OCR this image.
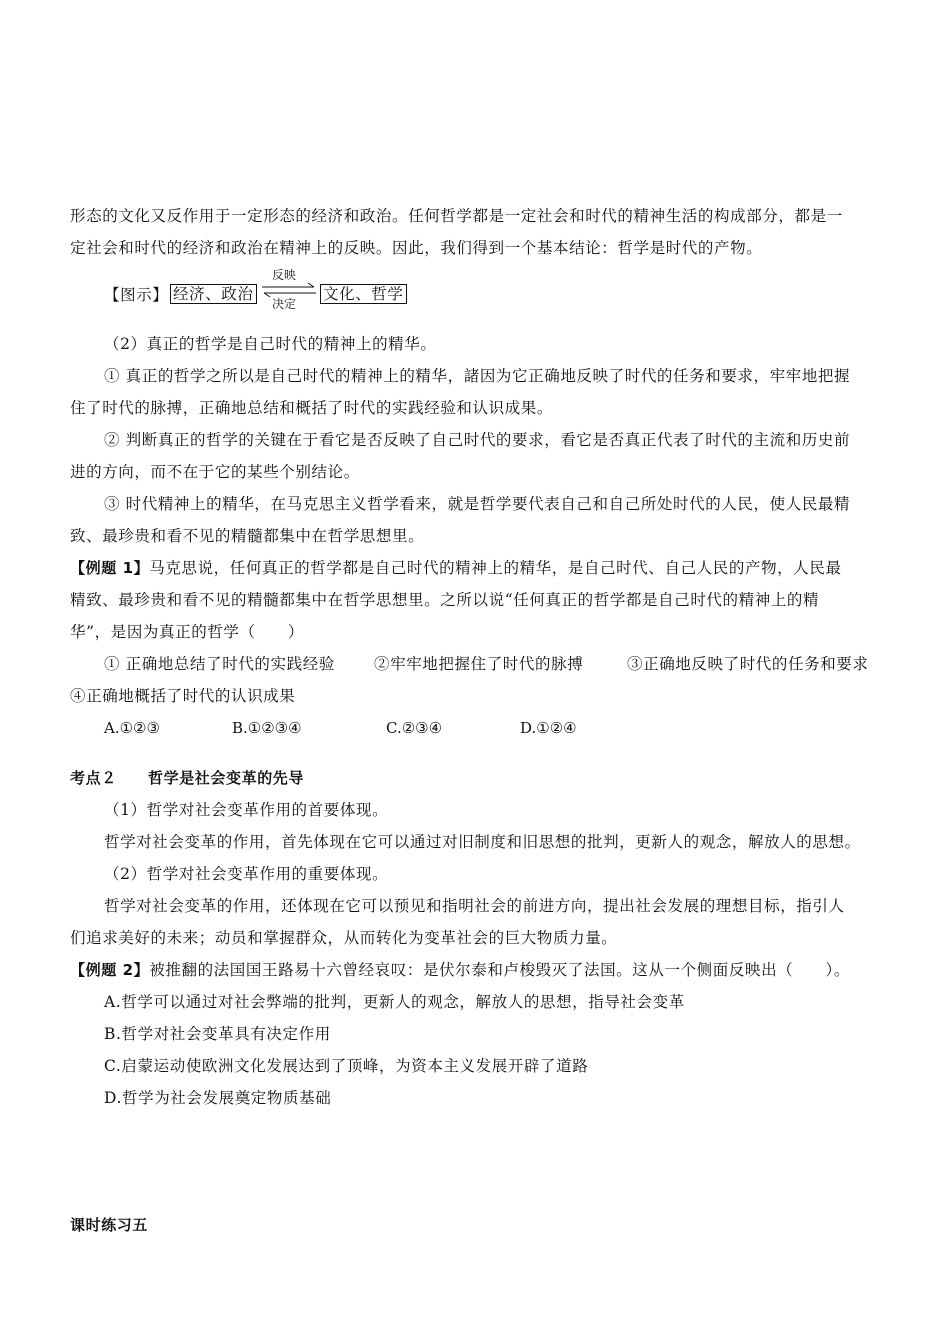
形态的文化又反作用于一定形态的经济和政治。任何哲学都是一定社会和时代的精神生活的构成部分，都是一
定社会和时代的经济和政治在精神上的反映。因此，我们得到一个基本结论：哲学是时代的产物。
【图示】 经济、政治
反映
决定
文化、哲学
（2）真正的哲学是自己时代的精神上的精华。
① 真正的哲学之所以是自己时代的精神上的精华，諸因为它正确地反映了时代的任务和要求，牢牢地把握
住了时代的脉搏，正确地总结和概括了时代的实践经验和认识成果。
② 判断真正的哲学的关键在于看它是否反映了自己时代的要求，看它是否真正代表了时代的主流和历史前
进的方向，而不在于它的某些个别结论。
③ 时代精神上的精华，在马克思主义哲学看来，就是哲学要代表自己和自己所处时代的人民，使人民最精
致、最珍贵和看不见的精髓都集中在哲学思想里。
【例题 1】马克思说，任何真正的哲学都是自己时代的精神上的精华，是自己时代、自己人民的产物，人民最
精致、最珍贵和看不见的精髓都集中在哲学思想里。之所以说“任何真正的哲学都是自己时代的精神上的精
华”，是因为真正的哲学（　　）
① 正确地总结了时代的实践经验	②牢牢地把握住了时代的脉搏	③正确地反映了时代的任务和要求
④正确地概括了时代的认识成果
A.①②③	B.①②③④	C.②③④	D.①②④
考点２　　哲学是社会变革的先导
（1）哲学对社会变革作用的首要体现。
哲学对社会变革的作用，首先体现在它可以通过对旧制度和旧思想的批判，更新人的观念，解放人的思想。
（2）哲学对社会变革作用的重要体现。
哲学对社会变革的作用，还体现在它可以预见和指明社会的前进方向，提出社会发展的理想目标，指引人
们追求美好的未来；动员和掌握群众，从而转化为变革社会的巨大物质力量。
【例题 2】被推翻的法国国王路易十六曾经哀叹：是伏尔泰和卢梭毁灭了法国。这从一个侧面反映出（　　）。
A.哲学可以通过对社会弊端的批判，更新人的观念，解放人的思想，指导社会变革
B.哲学对社会变革具有决定作用
C.启蒙运动使欧洲文化发展达到了顶峰，为资本主义发展开辟了道路
D.哲学为社会发展奠定物质基础
课时练习五
